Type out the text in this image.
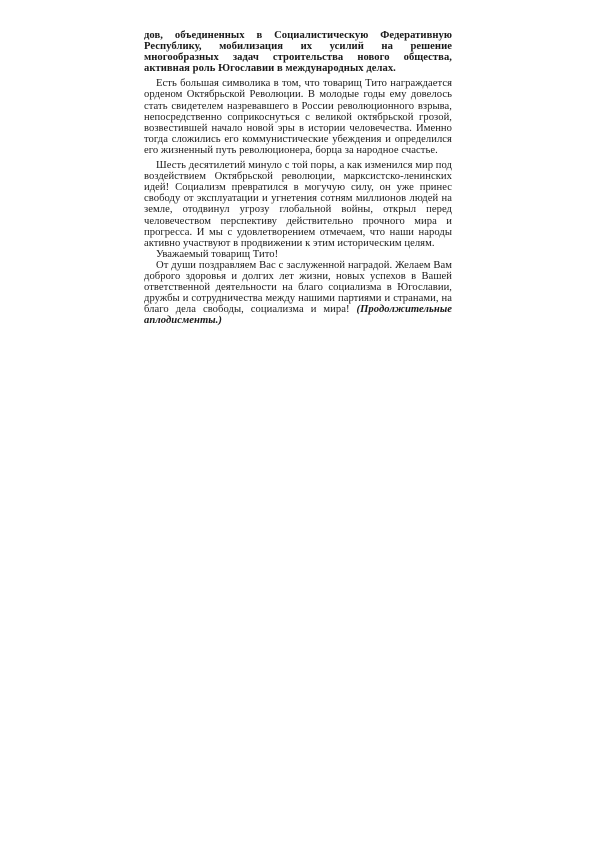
дов, объединенных в Социалистическую Федеративную Республику, мобилизация их усилий на решение многообразных задач строительства нового общества, активная роль Югославии в международных делах.

Есть большая символика в том, что товарищ Тито награждается орденом Октябрьской Революции. В молодые годы ему довелось стать свидетелем назревавшего в России революционного взрыва, непосредственно соприкоснуться с великой октябрьской грозой, возвестившей начало новой эры в истории человечества. Именно тогда сложились его коммунистические убеждения и определился его жизненный путь революционера, борца за народное счастье.

Шесть десятилетий минуло с той поры, а как изменился мир под воздействием Октябрьской революции, марксистско-ленинских идей! Социализм превратился в могучую силу, он уже принес свободу от эксплуатации и угнетения сотням миллионов людей на земле, отодвинул угрозу глобальной войны, открыл перед человечеством перспективу действительно прочного мира и прогресса. И мы с удовлетворением отмечаем, что наши народы активно участвуют в продвижении к этим историческим целям.

Уважаемый товарищ Тито!

От души поздравляем Вас с заслуженной наградой. Желаем Вам доброго здоровья и долгих лет жизни, новых успехов в Вашей ответственной деятельности на благо социализма в Югославии, дружбы и сотрудничества между нашими партиями и странами, на благо дела свободы, социализма и мира! (Продолжительные аплодисменты.)
